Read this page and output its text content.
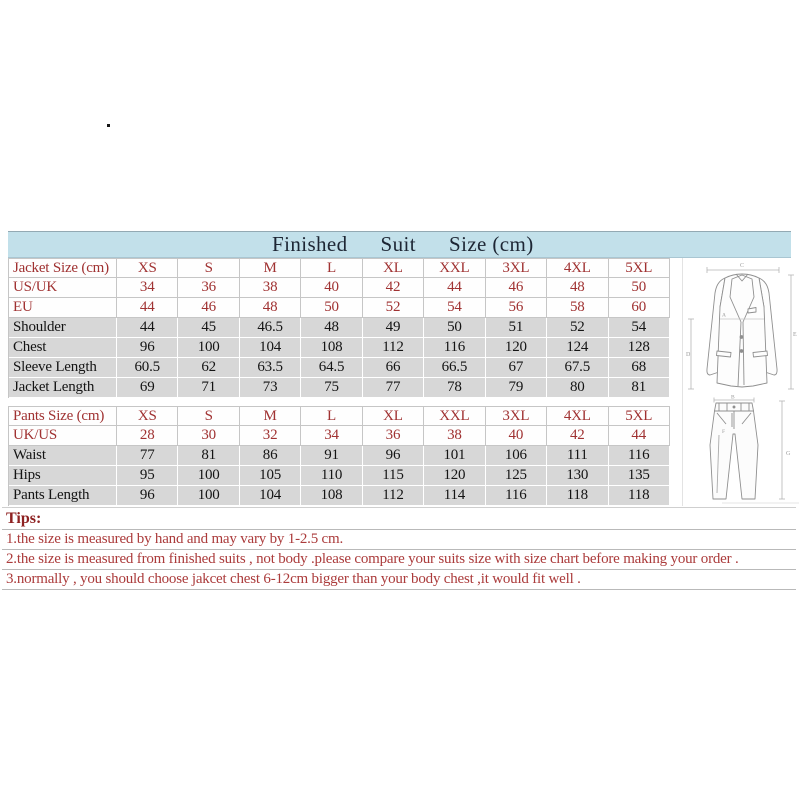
Finished Suit Size (cm)
Jacket Size (cm)	XS	S	M	L	XL	XXL	3XL	4XL	5XL
US/UK	34	36	38	40	42	44	46	48	50
EU	44	46	48	50	52	54	56	58	60
Shoulder	44	45	46.5	48	49	50	51	52	54
Chest	96	100	104	108	112	116	120	124	128
Sleeve Length	60.5	62	63.5	64.5	66	66.5	67	67.5	68
Jacket Length	69	71	73	75	77	78	79	80	81
Pants Size (cm)	XS	S	M	L	XL	XXL	3XL	4XL	5XL
UK/US	28	30	32	34	36	38	40	42	44
Waist	77	81	86	91	96	101	106	111	116
Hips	95	100	105	110	115	120	125	130	135
Pants Length	96	100	104	108	112	114	116	118	118
C
E
D
A
B
G
F
Tips:
1.the size is measured by hand and may vary by 1-2.5 cm.
2.the size is measured from finished suits , not body .please compare your suits size with size chart before making your order .
3.normally , you should choose jakcet chest 6-12cm bigger than your body chest ,it would fit well .
